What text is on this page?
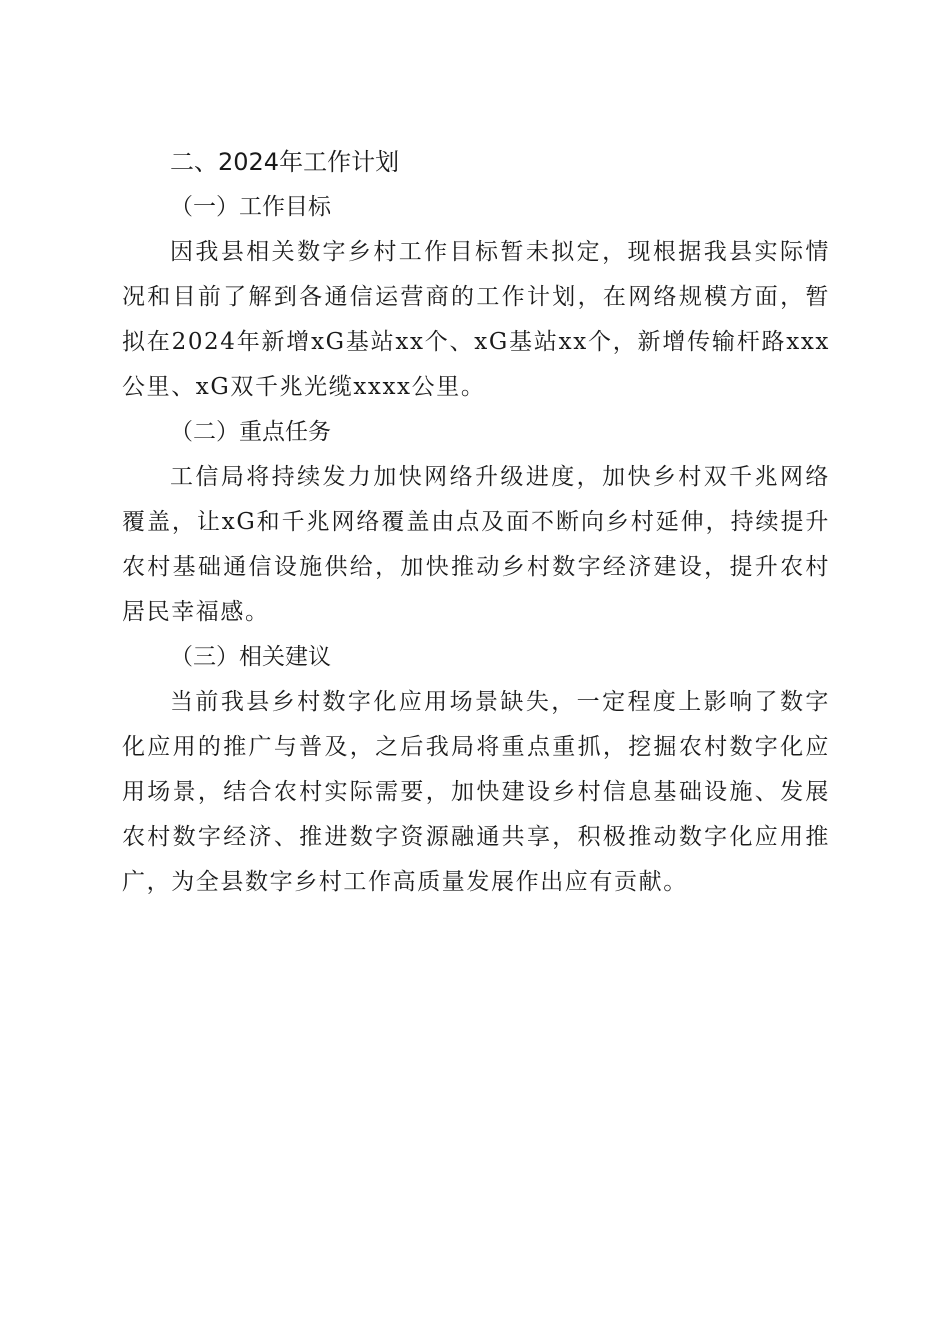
二、2024年工作计划
（一）工作目标

因我县相关数字乡村工作目标暂未拟定，现根据我县实际情况和目前了解到各通信运营商的工作计划，在网络规模方面，暂拟在2024年新增xG基站xx个、xG基站xx个，新增传输杆路xxx公里、xG双千兆光缆xxxx公里。

（二）重点任务

工信局将持续发力加快网络升级进度，加快乡村双千兆网络覆盖，让xG和千兆网络覆盖由点及面不断向乡村延伸，持续提升农村基础通信设施供给，加快推动乡村数字经济建设，提升农村居民幸福感。

（三）相关建议

当前我县乡村数字化应用场景缺失，一定程度上影响了数字化应用的推广与普及，之后我局将重点重抓，挖掘农村数字化应用场景，结合农村实际需要，加快建设乡村信息基础设施、发展农村数字经济、推进数字资源融通共享，积极推动数字化应用推广，为全县数字乡村工作高质量发展作出应有贡献。
